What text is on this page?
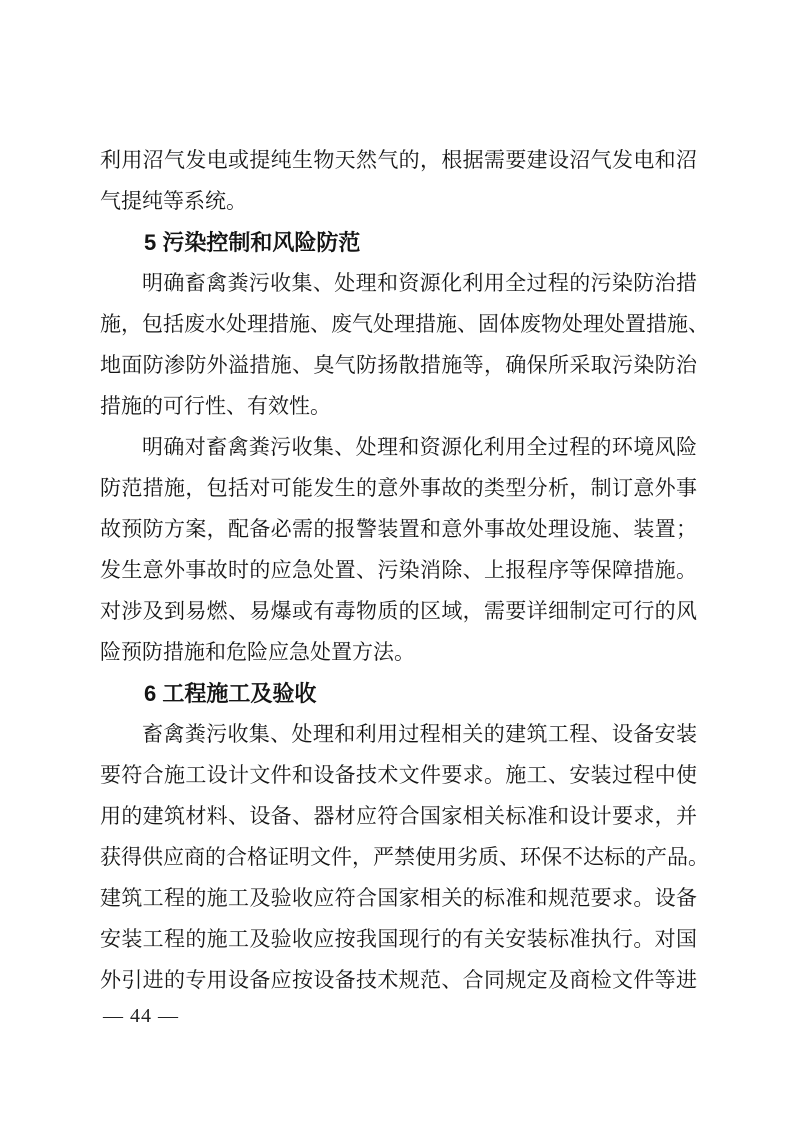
利用沼气发电或提纯生物天然气的，根据需要建设沼气发电和沼
气提纯等系统。
5 污染控制和风险防范
明确畜禽粪污收集、处理和资源化利用全过程的污染防治措
施，包括废水处理措施、废气处理措施、固体废物处理处置措施、
地面防渗防外溢措施、臭气防扬散措施等，确保所采取污染防治
措施的可行性、有效性。
明确对畜禽粪污收集、处理和资源化利用全过程的环境风险
防范措施，包括对可能发生的意外事故的类型分析，制订意外事
故预防方案，配备必需的报警装置和意外事故处理设施、装置；
发生意外事故时的应急处置、污染消除、上报程序等保障措施。
对涉及到易燃、易爆或有毒物质的区域，需要详细制定可行的风
险预防措施和危险应急处置方法。
6 工程施工及验收
畜禽粪污收集、处理和利用过程相关的建筑工程、设备安装
要符合施工设计文件和设备技术文件要求。施工、安装过程中使
用的建筑材料、设备、器材应符合国家相关标准和设计要求，并
获得供应商的合格证明文件，严禁使用劣质、环保不达标的产品。
建筑工程的施工及验收应符合国家相关的标准和规范要求。设备
安装工程的施工及验收应按我国现行的有关安装标准执行。对国
外引进的专用设备应按设备技术规范、合同规定及商检文件等进
— 44 —
